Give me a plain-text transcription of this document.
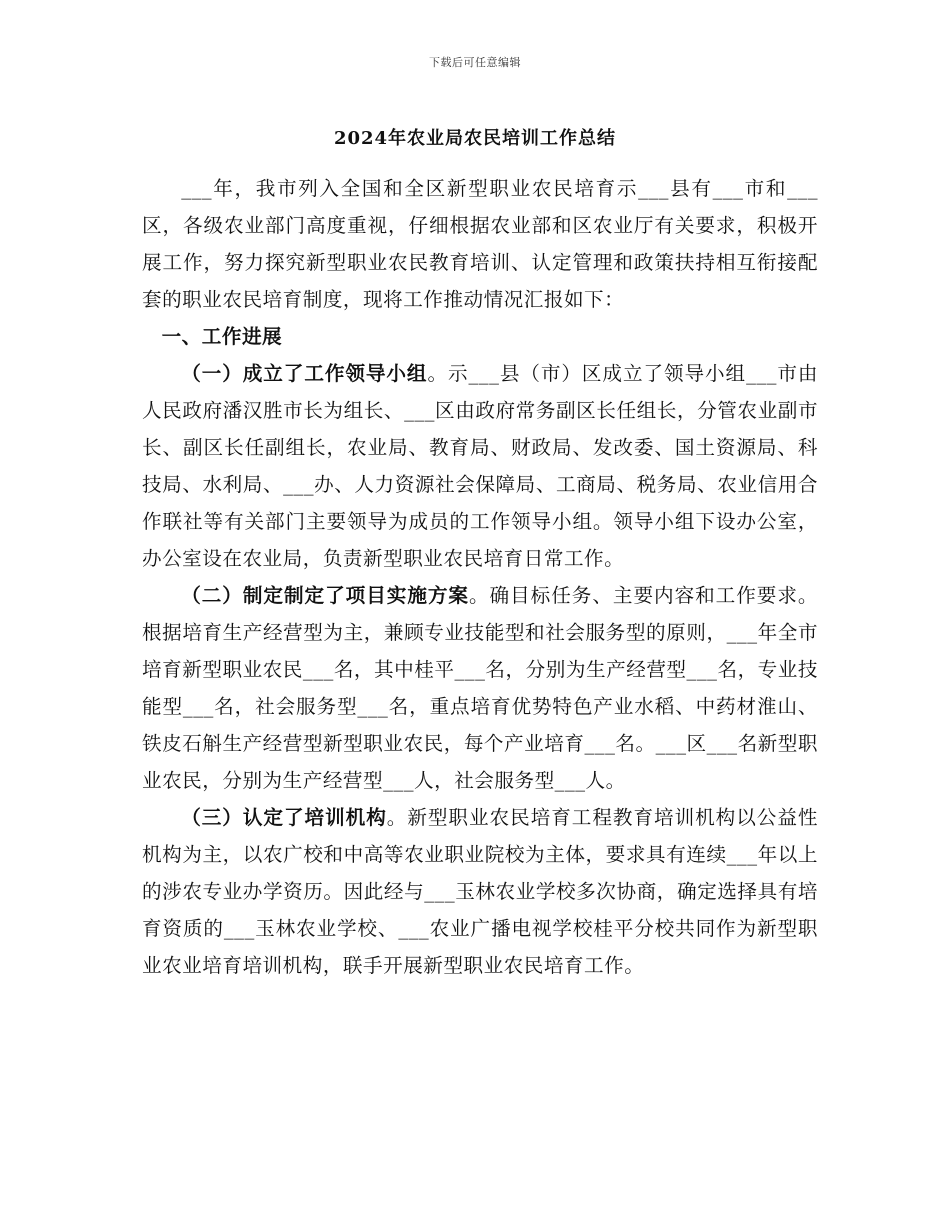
下载后可任意编辑
2024年农业局农民培训工作总结

___年，我市列入全国和全区新型职业农民培育示___县有___市和___区，各级农业部门高度重视，仔细根据农业部和区农业厅有关要求，积极开展工作，努力探究新型职业农民教育培训、认定管理和政策扶持相互衔接配套的职业农民培育制度，现将工作推动情况汇报如下：

一、工作进展

（一）成立了工作领导小组。示___县（市）区成立了领导小组___市由人民政府潘汉胜市长为组长、___区由政府常务副区长任组长，分管农业副市长、副区长任副组长，农业局、教育局、财政局、发改委、国土资源局、科技局、水利局、___办、人力资源社会保障局、工商局、税务局、农业信用合作联社等有关部门主要领导为成员的工作领导小组。领导小组下设办公室，办公室设在农业局，负责新型职业农民培育日常工作。

（二）制定制定了项目实施方案。确目标任务、主要内容和工作要求。根据培育生产经营型为主，兼顾专业技能型和社会服务型的原则，___年全市培育新型职业农民___名，其中桂平___名，分别为生产经营型___名，专业技能型___名，社会服务型___名，重点培育优势特色产业水稻、中药材淮山、铁皮石斛生产经营型新型职业农民，每个产业培育___名。___区___名新型职业农民，分别为生产经营型___人，社会服务型___人。

（三）认定了培训机构。新型职业农民培育工程教育培训机构以公益性机构为主，以农广校和中高等农业职业院校为主体，要求具有连续___年以上的涉农专业办学资历。因此经与___玉林农业学校多次协商，确定选择具有培育资质的___玉林农业学校、___农业广播电视学校桂平分校共同作为新型职业农业培育培训机构，联手开展新型职业农民培育工作。
